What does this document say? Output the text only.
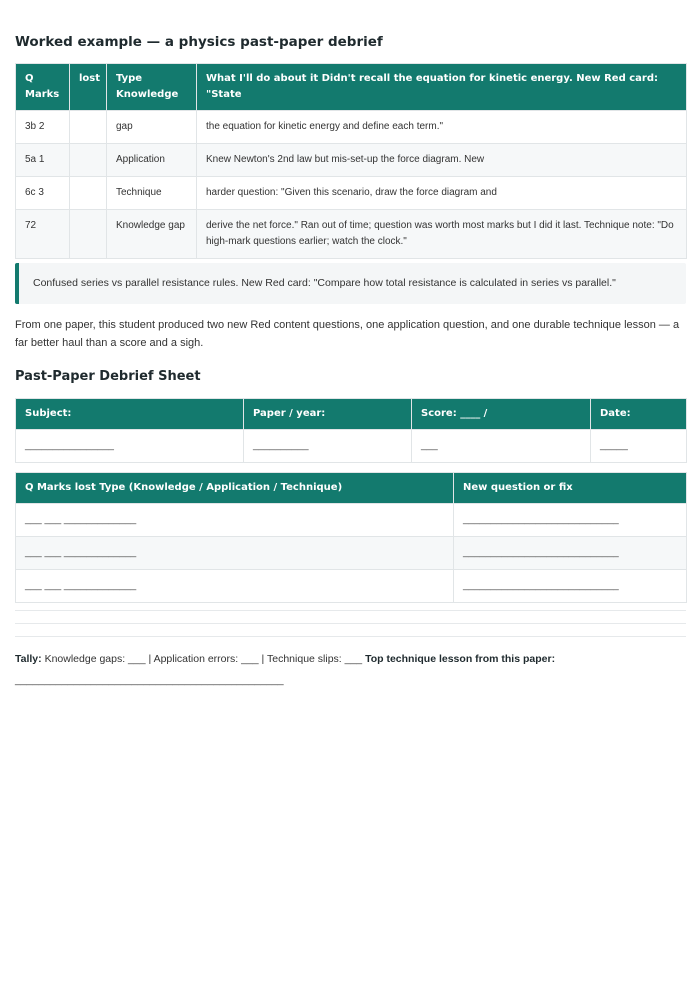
Worked example — a physics past-paper debrief
Q Marks	lost	Type Knowledge	What I'll do about it Didn't recall the equation for kinetic energy. New Red card: "State
3b 2		gap	the equation for kinetic energy and define each term."
5a 1		Application	Knew Newton's 2nd law but mis-set-up the force diagram. New
6c 3		Technique	harder question: "Given this scenario, draw the force diagram and
72		Knowledge gap	derive the net force." Ran out of time; question was worth most marks but I did it last. Technique note: "Do high-mark questions earlier; watch the clock."
Confused series vs parallel resistance rules. New Red card: "Compare how total resistance is calculated in series vs parallel."

From one paper, this student produced two new Red content questions, one application question, and one durable technique lesson — a far better haul than a score and a sigh.

Past-Paper Debrief Sheet
Subject:	Paper / year:	Score: ____ /	Date:
________________	__________	___	_____
Q Marks lost Type (Knowledge / Application / Technique)	New question or fix
___ ___ _____________	____________________________
___ ___ _____________	____________________________
___ ___ _____________	____________________________

Tally: Knowledge gaps: ___ | Application errors: ___ | Technique slips: ___ Top technique lesson from this paper:
______________________________________________
